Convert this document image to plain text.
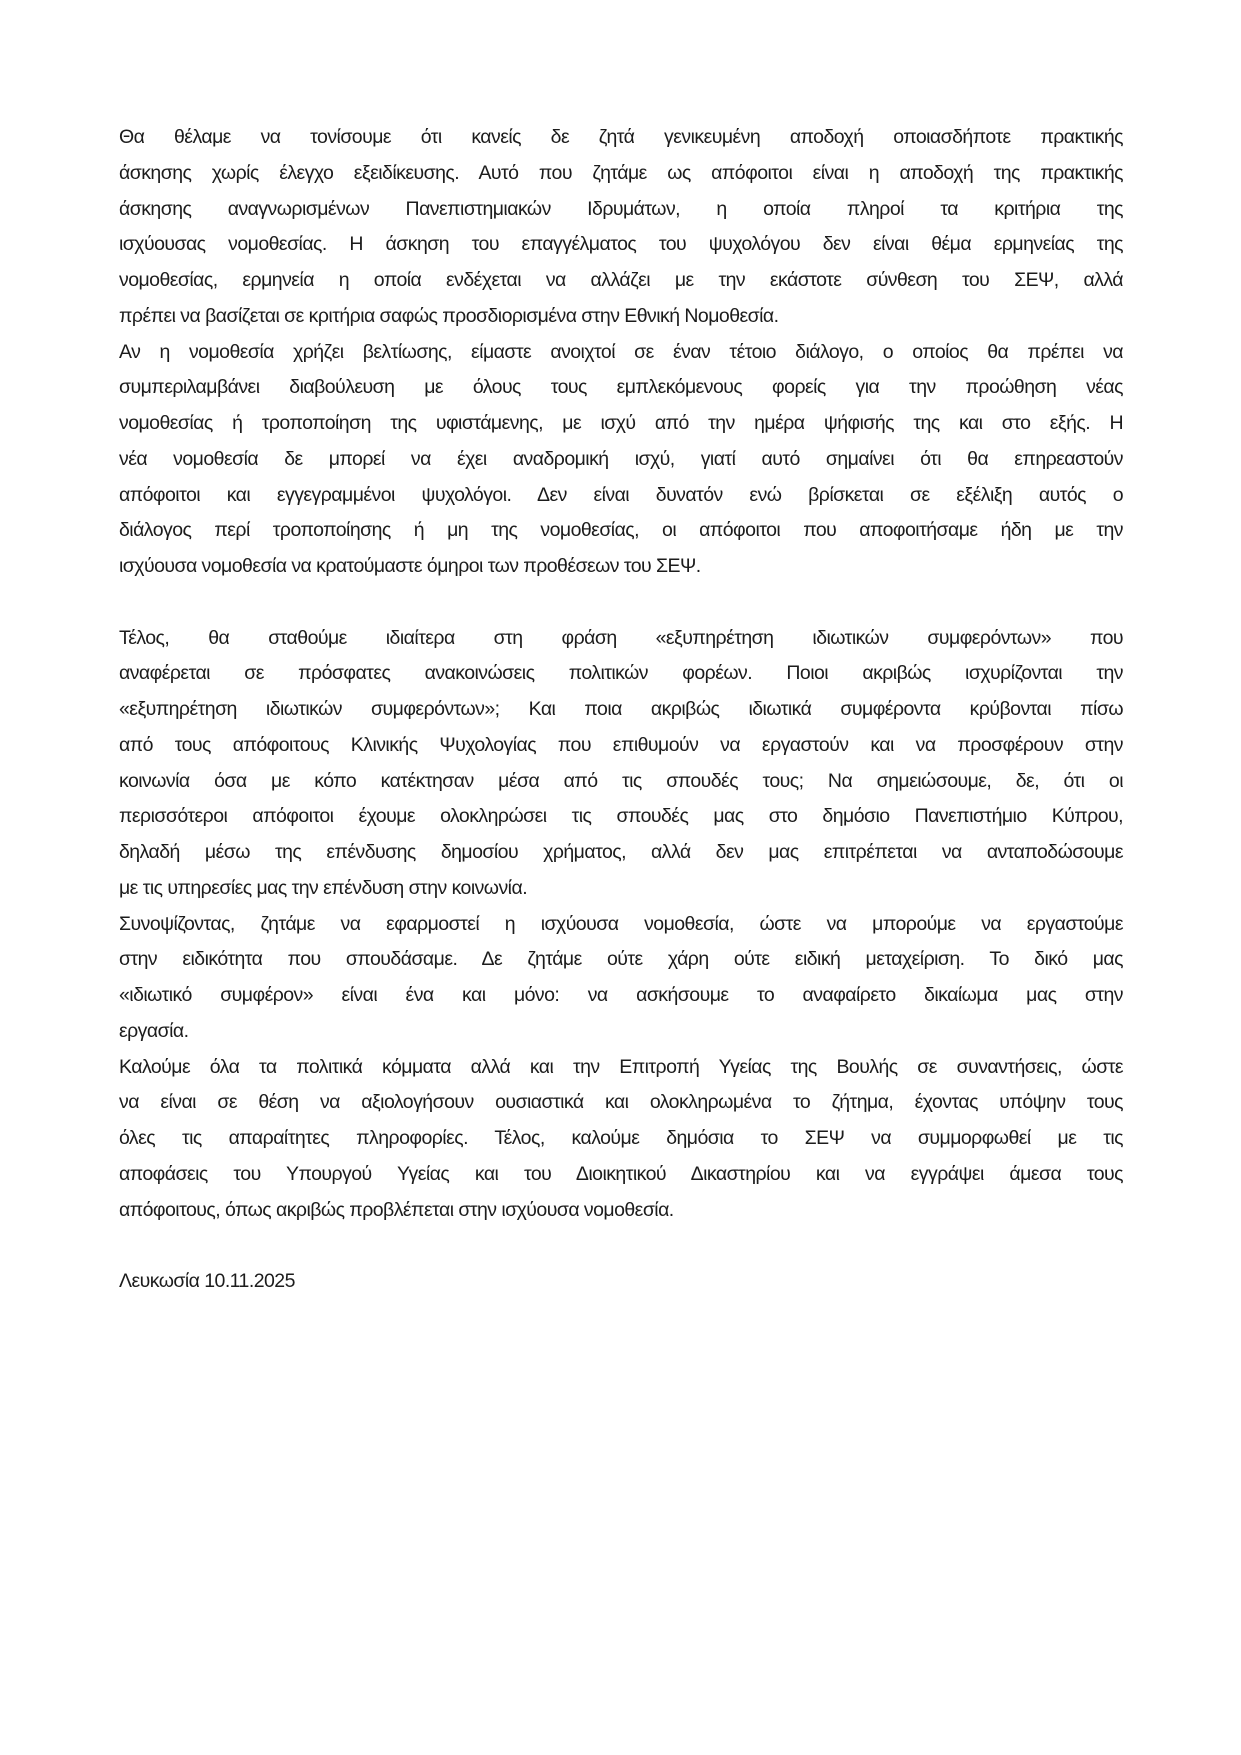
Θα θέλαμε να τονίσουμε ότι κανείς δε ζητά γενικευμένη αποδοχή οποιασδήποτε πρακτικής
άσκησης χωρίς έλεγχο εξειδίκευσης. Αυτό που ζητάμε ως απόφοιτοι είναι η αποδοχή της πρακτικής
άσκησης αναγνωρισμένων Πανεπιστημιακών Ιδρυμάτων, η οποία πληροί τα κριτήρια της
ισχύουσας νομοθεσίας. Η άσκηση του επαγγέλματος του ψυχολόγου δεν είναι θέμα ερμηνείας της
νομοθεσίας, ερμηνεία η οποία ενδέχεται να αλλάζει με την εκάστοτε σύνθεση του ΣΕΨ, αλλά
πρέπει να βασίζεται σε κριτήρια σαφώς προσδιορισμένα στην Εθνική Νομοθεσία.
Αν η νομοθεσία χρήζει βελτίωσης, είμαστε ανοιχτοί σε έναν τέτοιο διάλογο, ο οποίος θα πρέπει να
συμπεριλαμβάνει διαβούλευση με όλους τους εμπλεκόμενους φορείς για την προώθηση νέας
νομοθεσίας ή τροποποίηση της υφιστάμενης, με ισχύ από την ημέρα ψήφισής της και στο εξής. Η
νέα νομοθεσία δε μπορεί να έχει αναδρομική ισχύ, γιατί αυτό σημαίνει ότι θα επηρεαστούν
απόφοιτοι και εγγεγραμμένοι ψυχολόγοι. Δεν είναι δυνατόν ενώ βρίσκεται σε εξέλιξη αυτός ο
διάλογος περί τροποποίησης ή μη της νομοθεσίας, οι απόφοιτοι που αποφοιτήσαμε ήδη με την
ισχύουσα νομοθεσία να κρατούμαστε όμηροι των προθέσεων του ΣΕΨ.
Τέλος, θα σταθούμε ιδιαίτερα στη φράση «εξυπηρέτηση ιδιωτικών συμφερόντων» που
αναφέρεται σε πρόσφατες ανακοινώσεις πολιτικών φορέων. Ποιοι ακριβώς ισχυρίζονται την
«εξυπηρέτηση ιδιωτικών συμφερόντων»; Και ποια ακριβώς ιδιωτικά συμφέροντα κρύβονται πίσω
από τους απόφοιτους Κλινικής Ψυχολογίας που επιθυμούν να εργαστούν και να προσφέρουν στην
κοινωνία όσα με κόπο κατέκτησαν μέσα από τις σπουδές τους; Να σημειώσουμε, δε, ότι οι
περισσότεροι απόφοιτοι έχουμε ολοκληρώσει τις σπουδές μας στο δημόσιο Πανεπιστήμιο Κύπρου,
δηλαδή μέσω της επένδυσης δημοσίου χρήματος, αλλά δεν μας επιτρέπεται να ανταποδώσουμε
με τις υπηρεσίες μας την επένδυση στην κοινωνία.
Συνοψίζοντας, ζητάμε να εφαρμοστεί η ισχύουσα νομοθεσία, ώστε να μπορούμε να εργαστούμε
στην ειδικότητα που σπουδάσαμε. Δε ζητάμε ούτε χάρη ούτε ειδική μεταχείριση. Το δικό μας
«ιδιωτικό συμφέρον» είναι ένα και μόνο: να ασκήσουμε το αναφαίρετο δικαίωμα μας στην
εργασία.
Καλούμε όλα τα πολιτικά κόμματα αλλά και την Επιτροπή Υγείας της Βουλής σε συναντήσεις, ώστε
να είναι σε θέση να αξιολογήσουν ουσιαστικά και ολοκληρωμένα το ζήτημα, έχοντας υπόψην τους
όλες τις απαραίτητες πληροφορίες. Τέλος, καλούμε δημόσια το ΣΕΨ να συμμορφωθεί με τις
αποφάσεις του Υπουργού Υγείας και του Διοικητικού Δικαστηρίου και να εγγράψει άμεσα τους
απόφοιτους, όπως ακριβώς προβλέπεται στην ισχύουσα νομοθεσία.
Λευκωσία 10.11.2025
